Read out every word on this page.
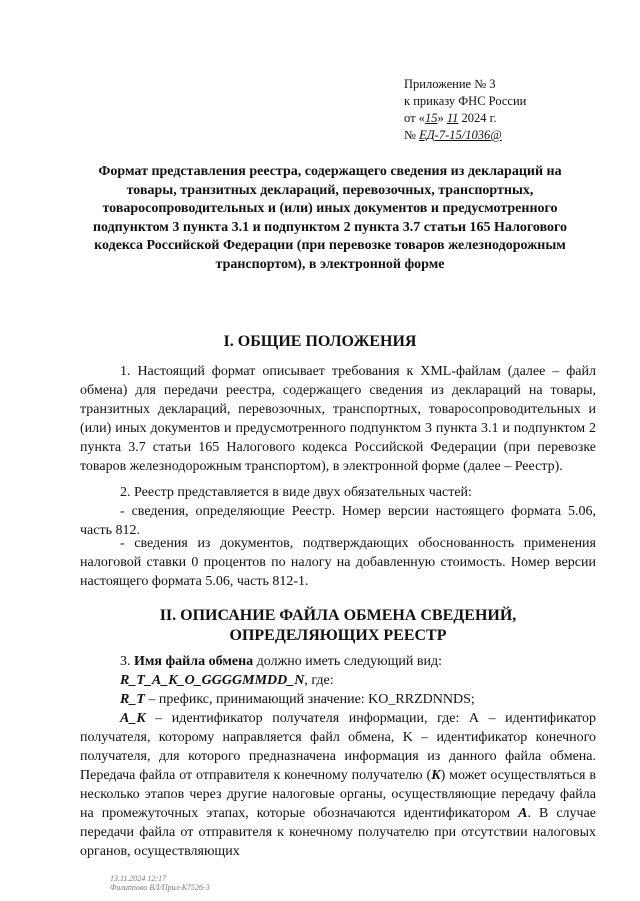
Приложение № 3
к приказу ФНС России
от «15» 11 2024 г.
№ ЕД-7-15/1036@
Формат представления реестра, содержащего сведения из деклараций на товары, транзитных деклараций, перевозочных, транспортных, товаросопроводительных и (или) иных документов и предусмотренного подпунктом 3 пункта 3.1 и подпунктом 2 пункта 3.7 статьи 165 Налогового кодекса Российской Федерации (при перевозке товаров железнодорожным транспортом), в электронной форме
I. ОБЩИЕ ПОЛОЖЕНИЯ
1. Настоящий формат описывает требования к XML-файлам (далее – файл обмена) для передачи реестра, содержащего сведения из деклараций на товары, транзитных деклараций, перевозочных, транспортных, товаросопроводительных и (или) иных документов и предусмотренного подпунктом 3 пункта 3.1 и подпунктом 2 пункта 3.7 статьи 165 Налогового кодекса Российской Федерации (при перевозке товаров железнодорожным транспортом), в электронной форме (далее – Реестр).
2. Реестр представляется в виде двух обязательных частей:
- сведения, определяющие Реестр. Номер версии настоящего формата 5.06, часть 812.
- сведения из документов, подтверждающих обоснованность применения налоговой ставки 0 процентов по налогу на добавленную стоимость. Номер версии настоящего формата 5.06, часть 812-1.
II. ОПИСАНИЕ ФАЙЛА ОБМЕНА СВЕДЕНИЙ, ОПРЕДЕЛЯЮЩИХ РЕЕСТР
3. Имя файла обмена должно иметь следующий вид:
R_T_A_K_O_GGGGMMDD_N, где:
R_T – префикс, принимающий значение: KO_RRZDNNDS;
A_K – идентификатор получателя информации, где: А – идентификатор получателя, которому направляется файл обмена, K – идентификатор конечного получателя, для которого предназначена информация из данного файла обмена. Передача файла от отправителя к конечному получателю (K) может осуществляться в несколько этапов через другие налоговые органы, осуществляющие передачу файла на промежуточных этапах, которые обозначаются идентификатором А. В случае передачи файла от отправителя к конечному получателю при отсутствии налоговых органов, осуществляющих
13.11.2024 12:17
Филиппово ВЛ/Прил-К7526-3
